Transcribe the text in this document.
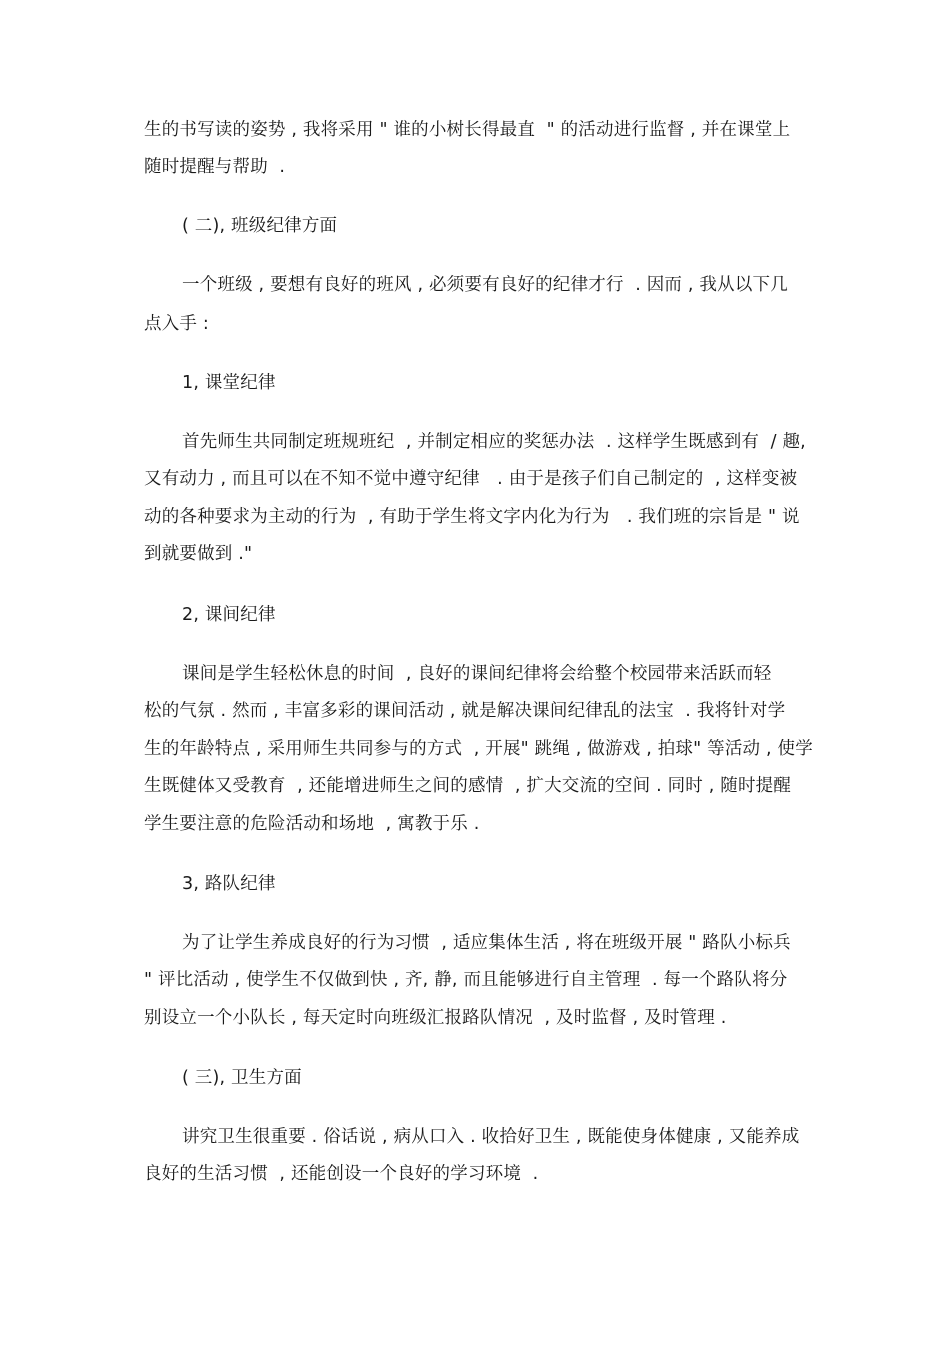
生的书写读的姿势 , 我将采用 " 谁的小树长得最直  " 的活动进行监督 , 并在课堂上
随时提醒与帮助  .
( 二), 班级纪律方面
一个班级 , 要想有良好的班风 , 必须要有良好的纪律才行  . 因而 , 我从以下几
点入手 :
1, 课堂纪律
首先师生共同制定班规班纪  , 并制定相应的奖惩办法  . 这样学生既感到有  / 趣,
又有动力 , 而且可以在不知不觉中遵守纪律   . 由于是孩子们自己制定的  , 这样变被
动的各种要求为主动的行为  , 有助于学生将文字内化为行为   . 我们班的宗旨是 " 说
到就要做到 ."
2, 课间纪律
课间是学生轻松休息的时间  , 良好的课间纪律将会给整个校园带来活跃而轻
松的气氛 . 然而 , 丰富多彩的课间活动 , 就是解决课间纪律乱的法宝  . 我将针对学
生的年龄特点 , 采用师生共同参与的方式  , 开展" 跳绳 , 做游戏 , 拍球" 等活动 , 使学
生既健体又受教育  , 还能增进师生之间的感情  , 扩大交流的空间 . 同时 , 随时提醒
学生要注意的危险活动和场地  , 寓教于乐 .
3, 路队纪律
为了让学生养成良好的行为习惯  , 适应集体生活 , 将在班级开展 " 路队小标兵
" 评比活动 , 使学生不仅做到快 , 齐, 静, 而且能够进行自主管理  . 每一个路队将分
别设立一个小队长 , 每天定时向班级汇报路队情况  , 及时监督 , 及时管理 .
( 三), 卫生方面
讲究卫生很重要 . 俗话说 , 病从口入 . 收拾好卫生 , 既能使身体健康 , 又能养成
良好的生活习惯  , 还能创设一个良好的学习环境  .
